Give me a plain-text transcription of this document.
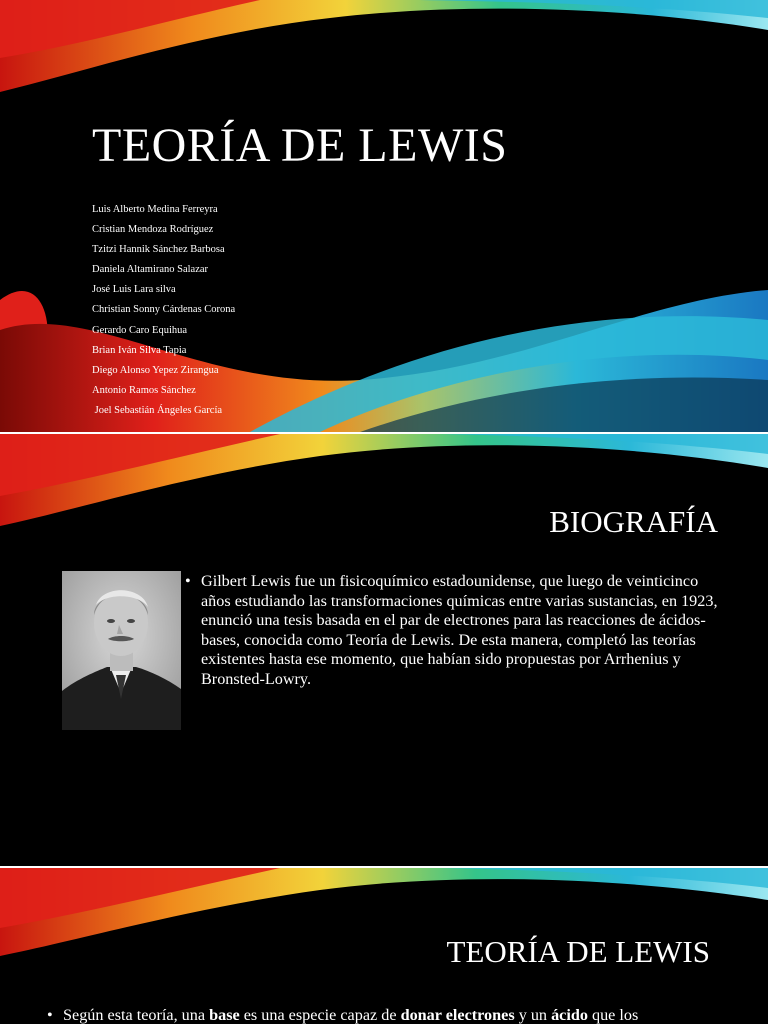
TEORÍA DE LEWIS
Luis Alberto Medina Ferreyra
Cristian Mendoza Rodríguez
Tzitzi Hannik Sánchez Barbosa
Daniela Altamirano Salazar
José Luis Lara silva
Christian Sonny Cárdenas Corona
Gerardo Caro Equihua
Brian Iván Silva Tapia
Diego Alonso Yepez Zirangua
Antonio Ramos Sánchez
Joel Sebastián Ángeles García
BIOGRAFÍA
• Gilbert Lewis fue un fisicoquímico estadounidense, que luego de veinticinco años estudiando las transformaciones químicas entre varias sustancias, en 1923, enunció una tesis basada en el par de electrones para las reacciones de ácidos-bases, conocida como Teoría de Lewis. De esta manera, completó las teorías existentes hasta ese momento, que habían sido propuestas por Arrhenius y Bronsted-Lowry.
TEORÍA DE LEWIS

• Según esta teoría, una base es una especie capaz de donar electrones y un ácido que los
